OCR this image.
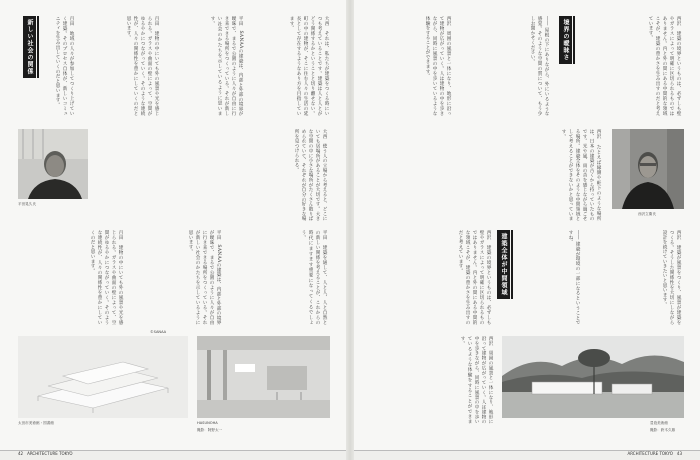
新しい社会の関係	大西　それは、私たちが建築をつくる時にいつも考えていることです。建築は人と人とがどう関係するかということと切り離せない。町の中の建物が、そこに住む人々の生活の延長として存在するようなあり方を目指しています。
平田　SANAAの建築は、内部と外部の境界が曖昧で、まるで公園のように人々が自由に行き来できる場所をつくっている。それが新しい社会のかたちを示しているように思います。
百田　建物の中にいても外の風景や光を感じられる。ガラスや曲面の壁によって、空間がゆるやかにつながっていく。そのような連続性が、人々の関係性を豊かにしていくのだと思います。
百田　地域の人々が参加してつくり上げていく建築。そのプロセス自体が、新しいコミュニティを生み出していくのだと思います。
平田晃久氏	大西　使う人の立場から考えると、どこにいても居場所があることが大切です。大きな空間の中に小さな場所がたくさん散りばめられていて、それぞれが自分の好きな場所を見つけられる。
平田　建築を通して、人と人、人と自然との新しい関係を考えることが、これからの時代にますます重要になってくるでしょう。
平田　SANAAの建築は、内部と外部の境界が曖昧で、まるで公園のように人々が自由に行き来できる場所をつくっている。それが新しい社会のかたちを示しているように思います。
百田　建物の中にいても外の風景や光を感じられる。ガラスや曲面の壁によって、空間がゆるやかにつながっていく。そのような連続性が、人々の関係性を豊かにしていくのだと思います。
太田市美術館・図書館
©SANAA
HASUNOHA
撮影：阿野太一
42　ARCHITECTURE TOKYO
境界の曖昧さ	西沢　建築の境界というものは、必ずしも壁やガラスによって明確に区切られるものではありません。内と外の間にある中間的な領域こそが、建築の豊かさを生み出すのだと考えています。
―― 屋根の下にありながら、外にいるような感覚。そのような空間の質について、もう少しお聞かせください。
西沢　周囲の風景と一体になり、地形に沿って建物が広がっていく。人は建物の中を歩きながら、同時に風景の中を歩いているような体験をすることができます。
西沢立衛氏
西沢　たとえば縁側や軒下のような場所は、日本の建築が古くから持っていたものです。光や風、雨の音を感じながら過ごせる場所。建築全体をそのような中間領域として考えることができないかと思っています。
建築全体が中間領域	西沢　建築が風景をつくり、風景が建築をつくる。そうした関係性を大切にしながら設計を続けていきたいと思います。
―― 建築が環境の一部になるということですね。
西沢　建築の境界というものは、必ずしも壁やガラスによって明確に区切られるものではありません。内と外の間にある中間的な領域こそが、建築の豊かさを生み出すのだと考えています。
西沢　周囲の風景と一体になり、地形に沿って建物が広がっていく。人は建物の中を歩きながら、同時に風景の中を歩いているような体験をすることができます。
豊島美術館
撮影：鈴木久雄
ARCHITECTURE TOKYO　43
